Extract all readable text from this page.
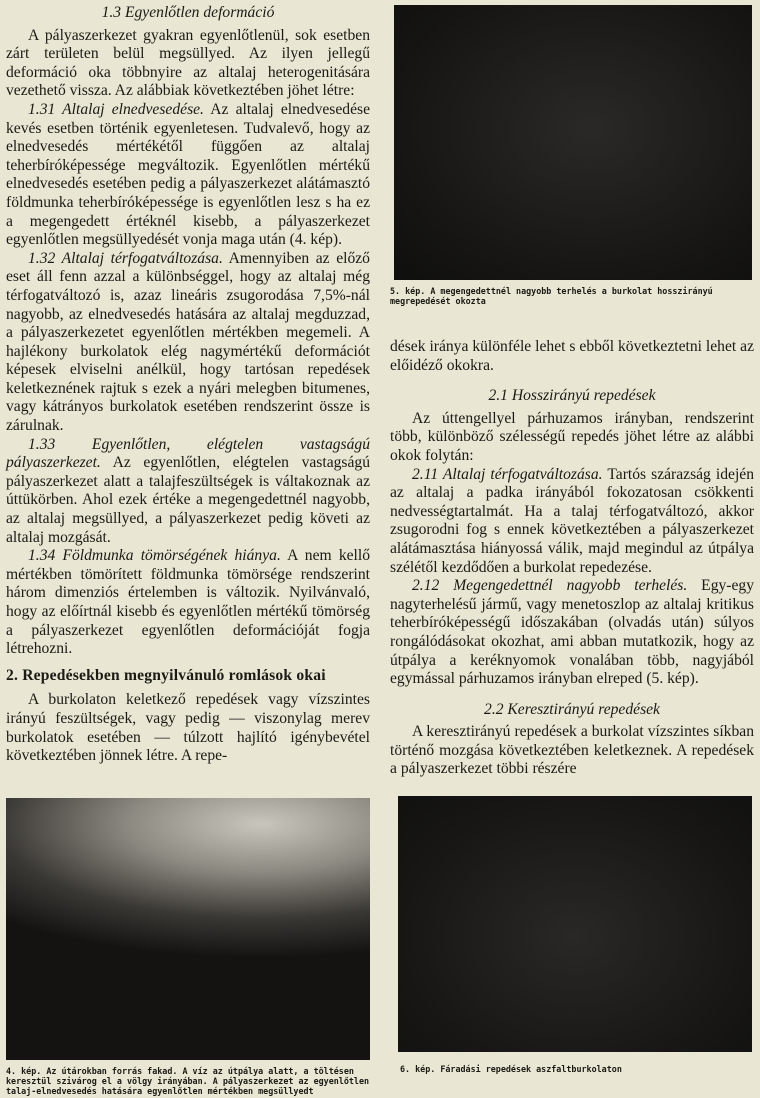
1.3 Egyenlőtlen deformáció

A pályaszerkezet gyakran egyenlőtlenül, sok esetben zárt területen belül megsüllyed. Az ilyen jellegű deformáció oka többnyire az altalaj heterogenitására vezethető vissza. Az alábbiak következtében jöhet létre:

1.31 Altalaj elnedvesedése. Az altalaj elnedvesedése kevés esetben történik egyenletesen. Tudvalevő, hogy az elnedvesedés mértékétől függően az altalaj teherbíróképessége megváltozik. Egyenlőtlen mértékű elnedvesedés esetében pedig a pályaszerkezet alátámasztó földmunka teherbíróképessége is egyenlőtlen lesz s ha ez a megengedett értéknél kisebb, a pályaszerkezet egyenlőtlen megsüllyedését vonja maga után (4. kép).

1.32 Altalaj térfogatváltozása. Amennyiben az előző eset áll fenn azzal a különbséggel, hogy az altalaj még térfogatváltozó is, azaz lineáris zsugorodása 7,5%-nál nagyobb, az elnedvesedés hatására az altalaj megduzzad, a pályaszerkezetet egyenlőtlen mértékben megemeli. A hajlékony burkolatok elég nagymértékű deformációt képesek elviselni anélkül, hogy tartósan repedések keletkeznének rajtuk s ezek a nyári melegben bitumenes, vagy kátrányos burkolatok esetében rendszerint össze is zárulnak.

1.33 Egyenlőtlen, elégtelen vastagságú pályaszerkezet. Az egyenlőtlen, elégtelen vastagságú pályaszerkezet alatt a talajfeszültségek is váltakoznak az úttükörben. Ahol ezek értéke a megengedettnél nagyobb, az altalaj megsüllyed, a pályaszerkezet pedig követi az altalaj mozgását.

1.34 Földmunka tömörségének hiánya. A nem kellő mértékben tömörített földmunka tömörsége rendszerint három dimenziós értelemben is változik. Nyilvánvaló, hogy az előírtnál kisebb és egyenlőtlen mértékű tömörség a pályaszerkezet egyenlőtlen deformációját fogja létrehozni.

2. Repedésekben megnyilvánuló romlások okai

A burkolaton keletkező repedések vagy vízszintes irányú feszültségek, vagy pedig — viszonylag merev burkolatok esetében — túlzott hajlító igénybevétel következtében jönnek létre. A repe-

5. kép. A megengedettnél nagyobb terhelés a burkolat hosszirányú megrepedését okozta

dések iránya különféle lehet s ebből következtetni lehet az előidéző okokra.

2.1 Hosszirányú repedések

Az úttengellyel párhuzamos irányban, rendszerint több, különböző szélességű repedés jöhet létre az alábbi okok folytán:

2.11 Altalaj térfogatváltozása. Tartós szárazság idején az altalaj a padka irányából fokozatosan csökkenti nedvességtartalmát. Ha a talaj térfogatváltozó, akkor zsugorodni fog s ennek következtében a pályaszerkezet alátámasztása hiányossá válik, majd megindul az útpálya szélétől kezdődően a burkolat repedezése.

2.12 Megengedettnél nagyobb terhelés. Egy-egy nagyterhelésű jármű, vagy menetoszlop az altalaj kritikus teherbíróképességű időszakában (olvadás után) súlyos rongálódásokat okozhat, ami abban mutatkozik, hogy az útpálya a keréknyomok vonalában több, nagyjából egymással párhuzamos irányban elreped (5. kép).

2.2 Keresztirányú repedések

A keresztirányú repedések a burkolat vízszintes síkban történő mozgása következtében keletkeznek. A repedések a pályaszerkezet többi részére

4. kép. Az útárokban forrás fakad. A víz az útpálya alatt, a töltésen keresztül szivárog el a völgy irányában. A pályaszerkezet az egyenlőtlen talaj-elnedvesedés hatására egyenlőtlen mértékben megsüllyedt
6. kép. Fáradási repedések aszfaltburkolaton
